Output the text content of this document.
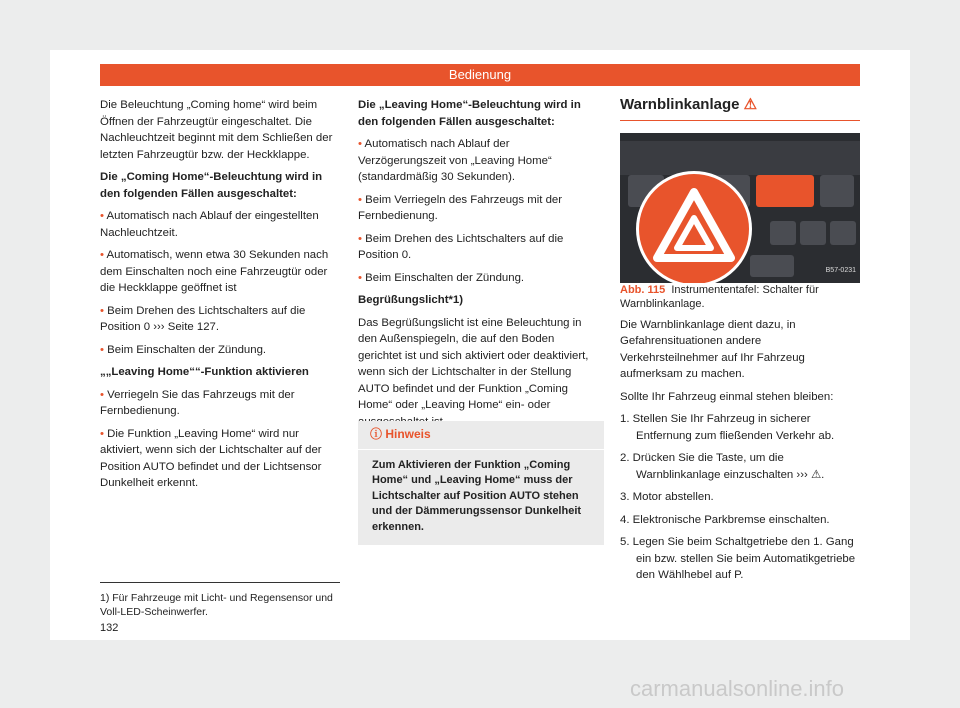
Bedienung

Die Beleuchtung „Coming home“ wird beim Öffnen der Fahrzeugtür eingeschaltet. Die Nachleuchtzeit beginnt mit dem Schließen der letzten Fahrzeugtür bzw. der Heckklappe.

Die „Coming Home“-Beleuchtung wird in den folgenden Fällen ausgeschaltet:

• Automatisch nach Ablauf der eingestellten Nachleuchtzeit.

• Automatisch, wenn etwa 30 Sekunden nach dem Einschalten noch eine Fahrzeugtür oder die Heckklappe geöffnet ist

• Beim Drehen des Lichtschalters auf die Position 0 ››› Seite 127.

• Beim Einschalten der Zündung.

„„Leaving Home““-Funktion aktivieren

• Verriegeln Sie das Fahrzeugs mit der Fernbedienung.

• Die Funktion „Leaving Home“ wird nur aktiviert, wenn sich der Lichtschalter auf der Position AUTO befindet und der Lichtsensor Dunkelheit erkennt.

Die „Leaving Home“-Beleuchtung wird in den folgenden Fällen ausgeschaltet:

• Automatisch nach Ablauf der Verzögerungszeit von „Leaving Home“ (standardmäßig 30 Sekunden).

• Beim Verriegeln des Fahrzeugs mit der Fernbedienung.

• Beim Drehen des Lichtschalters auf die Position 0.

• Beim Einschalten der Zündung.

Begrüßungslicht*1)

Das Begrüßungslicht ist eine Beleuchtung in den Außenspiegeln, die auf den Boden gerichtet ist und sich aktiviert oder deaktiviert, wenn sich der Lichtschalter in der Stellung AUTO befindet und der Funktion „Coming Home“ oder „Leaving Home“ ein- oder

ⓘ Hinweis
Zum Aktivieren der Funktion „Coming Home“ und „Leaving Home“ muss der Lichtschalter auf Position AUTO stehen und der Dämmerungssensor Dunkelheit erkennen.
Warnblinkanlage ⚠
B57-0231

Abb. 115 Instrumententafel: Schalter für Warnblinkanlage.

Die Warnblinkanlage dient dazu, in Gefahrensituationen andere Verkehrsteilnehmer auf Ihr Fahrzeug aufmerksam zu machen.

Sollte Ihr Fahrzeug einmal stehen bleiben:

1. Stellen Sie Ihr Fahrzeug in sicherer Entfernung zum fließenden Verkehr ab.
2. Drücken Sie die Taste, um die Warnblinkanlage einzuschalten ››› ⚠.
3. Motor abstellen.
4. Elektronische Parkbremse einschalten.
5. Legen Sie beim Schaltgetriebe den 1. Gang ein bzw. stellen Sie beim Automatikgetriebe den Wählhebel auf P.
1) Für Fahrzeuge mit Licht- und Regensensor und Voll-LED-Scheinwerfer.
132
carmanualsonline.info
